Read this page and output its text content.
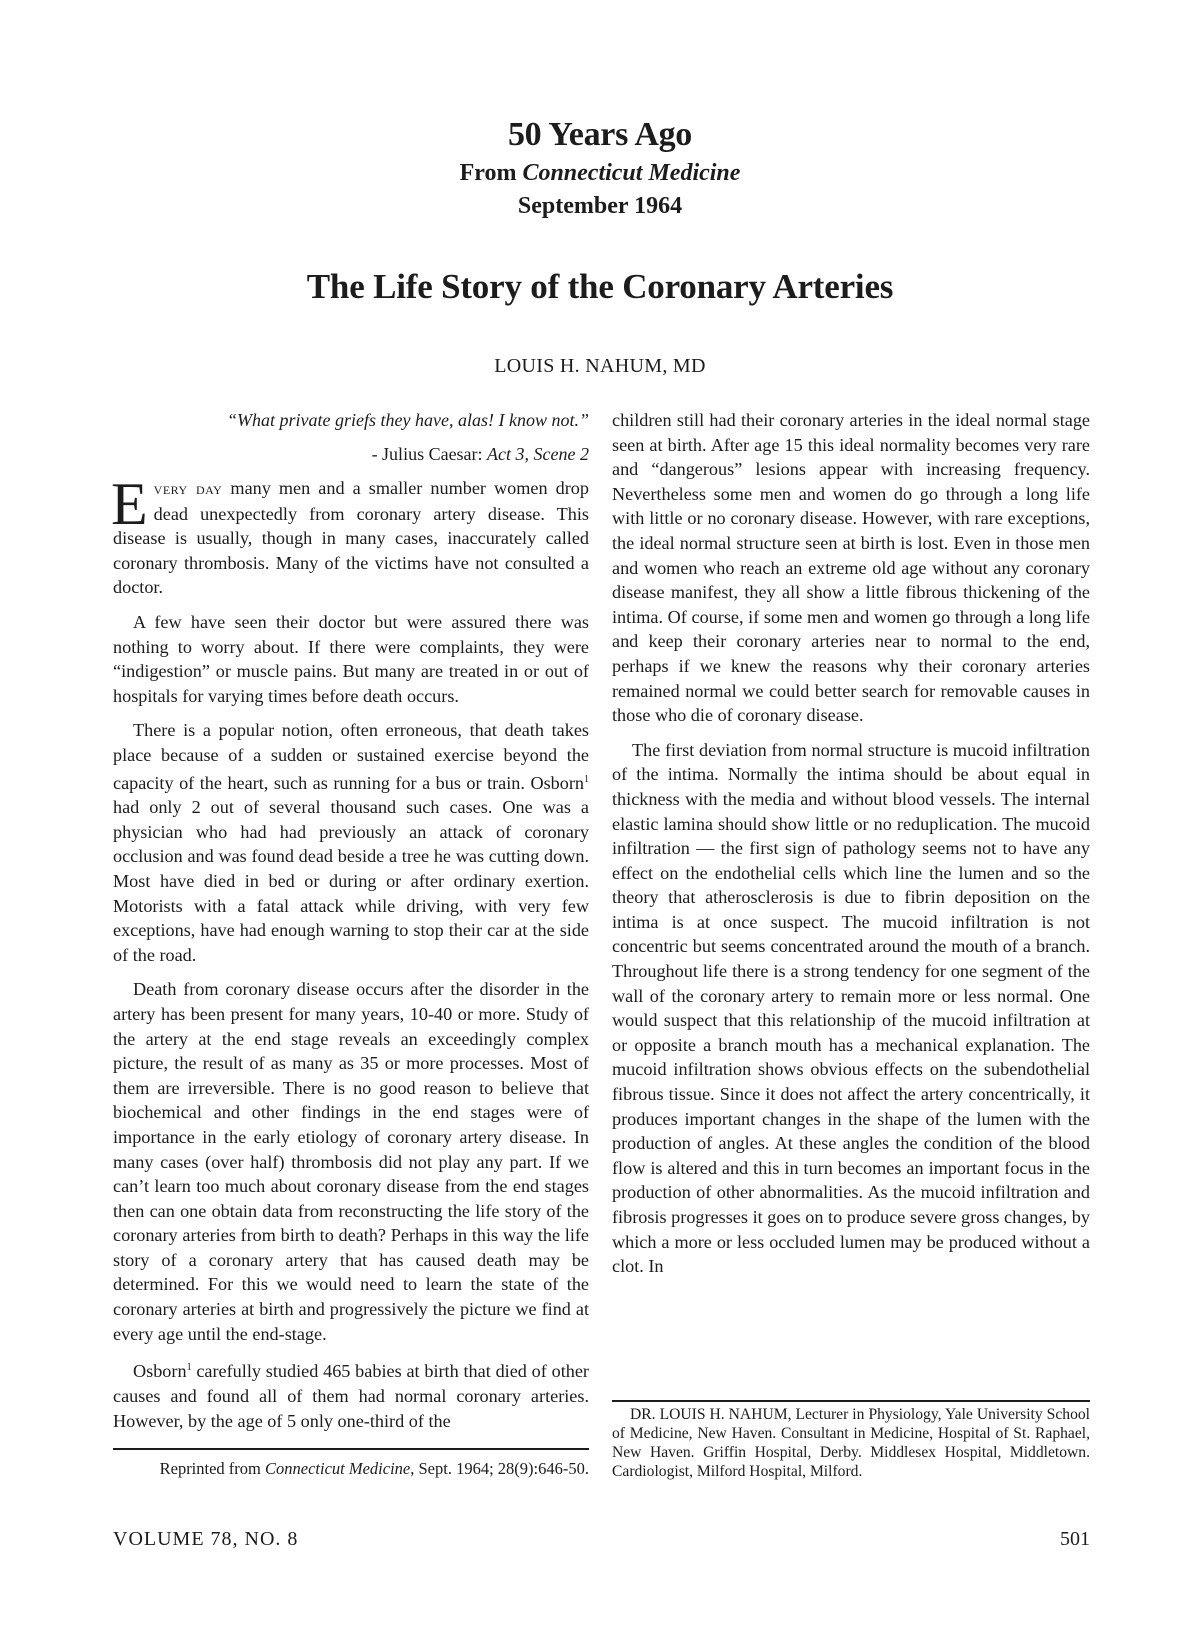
50 Years Ago
From Connecticut Medicine
September 1964
The Life Story of the Coronary Arteries
LOUIS H. NAHUM, MD

“What private griefs they have, alas! I know not.”

- Julius Caesar: Act 3, Scene 2

Every day many men and a smaller number women drop dead unexpectedly from coronary artery disease. This disease is usually, though in many cases, inaccurately called coronary thrombosis. Many of the victims have not consulted a doctor.

A few have seen their doctor but were assured there was nothing to worry about. If there were complaints, they were “indigestion” or muscle pains. But many are treated in or out of hospitals for varying times before death occurs.

There is a popular notion, often erroneous, that death takes place because of a sudden or sustained exercise beyond the capacity of the heart, such as running for a bus or train. Osborn$^1$ had only 2 out of several thousand such cases. One was a physician who had had previously an attack of coronary occlusion and was found dead beside a tree he was cutting down. Most have died in bed or during or after ordinary exertion. Motorists with a fatal attack while driving, with very few exceptions, have had enough warning to stop their car at the side of the road.

Death from coronary disease occurs after the disorder in the artery has been present for many years, 10-40 or more. Study of the artery at the end stage reveals an exceedingly complex picture, the result of as many as 35 or more processes. Most of them are irreversible. There is no good reason to believe that biochemical and other findings in the end stages were of importance in the early etiology of coronary artery disease. In many cases (over half) thrombosis did not play any part. If we can’t learn too much about coronary disease from the end stages then can one obtain data from reconstructing the life story of the coronary arteries from birth to death? Perhaps in this way the life story of a coronary artery that has caused death may be determined. For this we would need to learn the state of the coronary arteries at birth and progressively the picture we find at every age until the end-stage.

Osborn$^1$ carefully studied 465 babies at birth that died of other causes and found all of them had normal coronary arteries. However, by the age of 5 only one-third of the

children still had their coronary arteries in the ideal normal stage seen at birth. After age 15 this ideal normality becomes very rare and “dangerous” lesions appear with increasing frequency. Nevertheless some men and women do go through a long life with little or no coronary disease. However, with rare exceptions, the ideal normal structure seen at birth is lost. Even in those men and women who reach an extreme old age without any coronary disease manifest, they all show a little fibrous thickening of the intima. Of course, if some men and women go through a long life and keep their coronary arteries near to normal to the end, perhaps if we knew the reasons why their coronary arteries remained normal we could better search for removable causes in those who die of coronary disease.

The first deviation from normal structure is mucoid infiltration of the intima. Normally the intima should be about equal in thickness with the media and without blood vessels. The internal elastic lamina should show little or no reduplication. The mucoid infiltration — the first sign of pathology seems not to have any effect on the endothelial cells which line the lumen and so the theory that atherosclerosis is due to fibrin deposition on the intima is at once suspect. The mucoid infiltration is not concentric but seems concentrated around the mouth of a branch. Throughout life there is a strong tendency for one segment of the wall of the coronary artery to remain more or less normal. One would suspect that this relationship of the mucoid infiltration at or opposite a branch mouth has a mechanical explanation. The mucoid infiltration shows obvious effects on the subendothelial fibrous tissue. Since it does not affect the artery concentrically, it produces important changes in the shape of the lumen with the production of angles. At these angles the condition of the blood flow is altered and this in turn becomes an important focus in the production of other abnormalities. As the mucoid infiltration and fibrosis progresses it goes on to produce severe gross changes, by which a more or less occluded lumen may be produced without a clot. In

Reprinted from Connecticut Medicine, Sept. 1964; 28(9):646-50.
DR. LOUIS H. NAHUM, Lecturer in Physiology, Yale University School of Medicine, New Haven. Consultant in Medicine, Hospital of St. Raphael, New Haven. Griffin Hospital, Derby. Middlesex Hospital, Middletown. Cardiologist, Milford Hospital, Milford.
VOLUME 78, NO. 8	501
